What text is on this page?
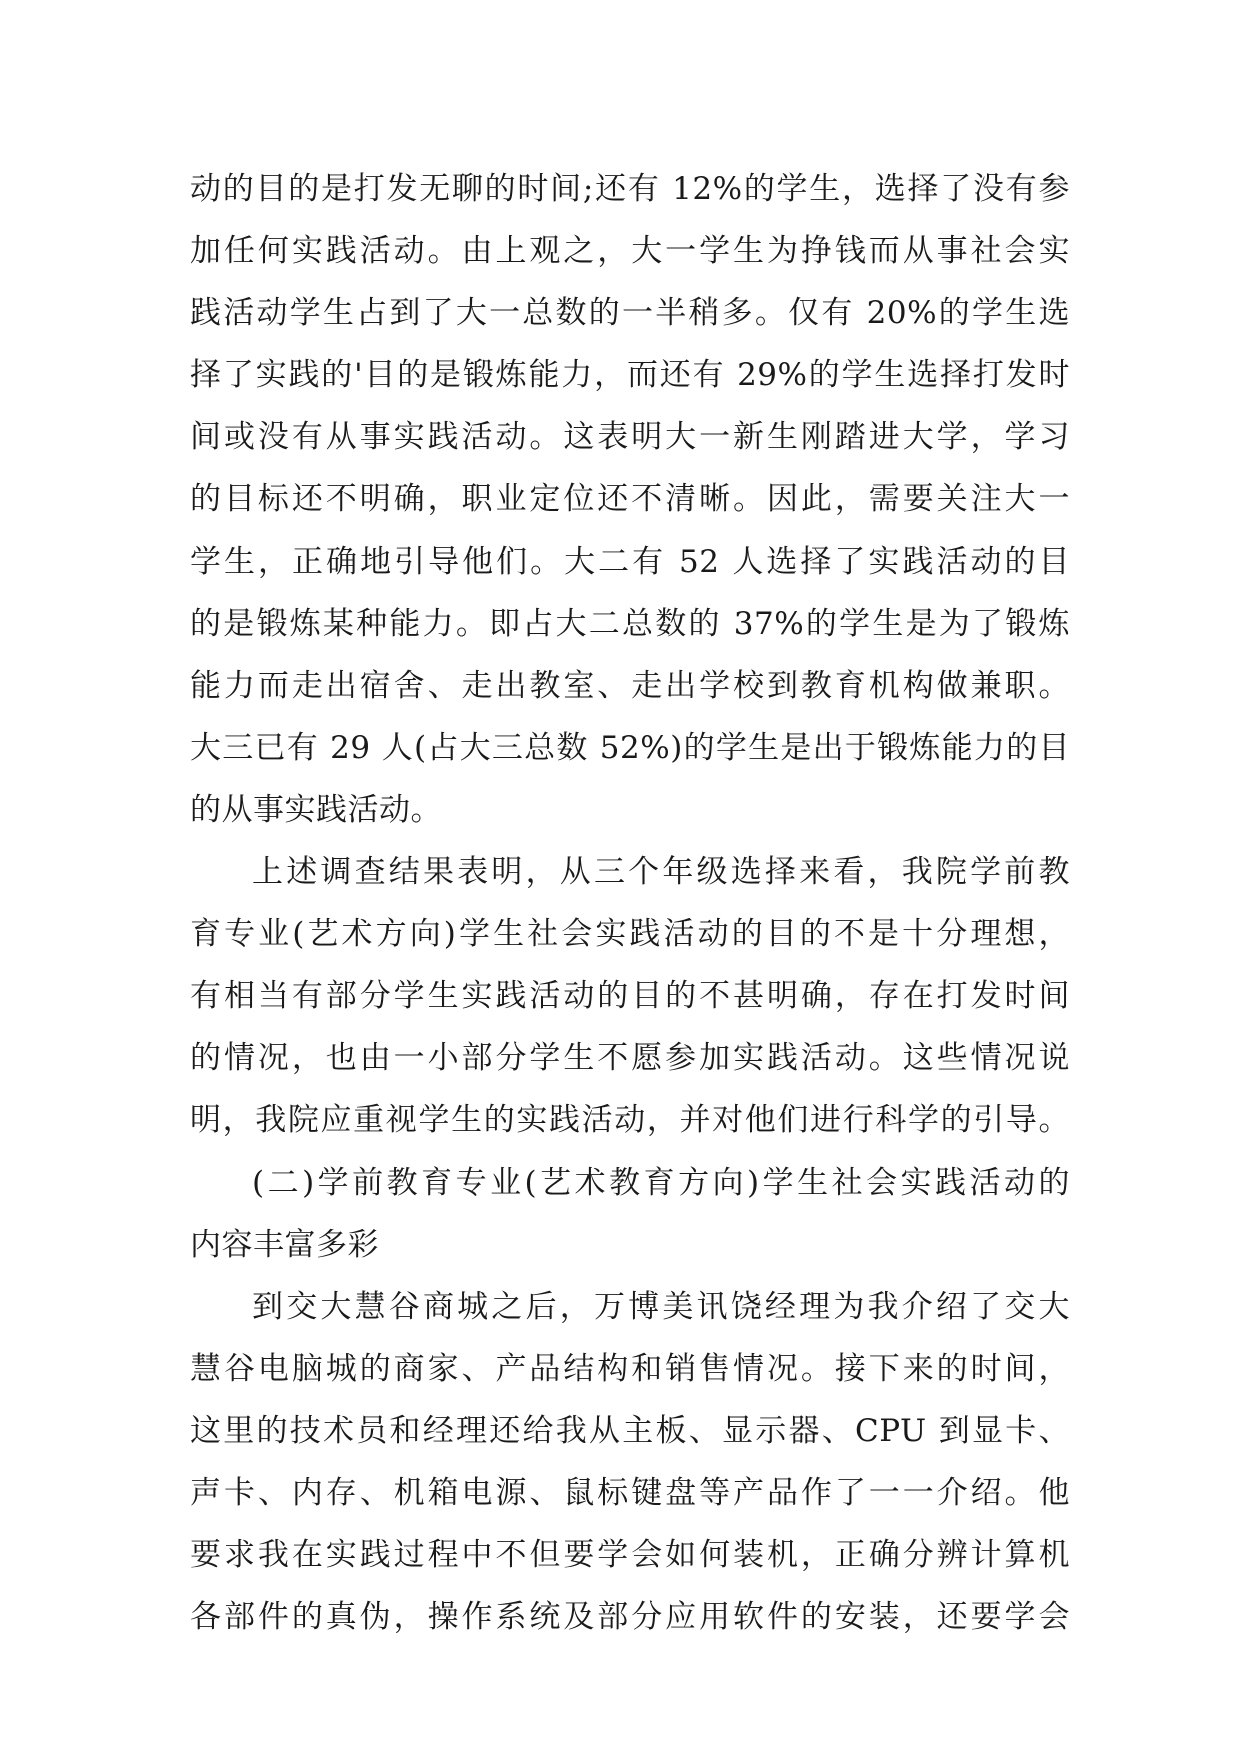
动的目的是打发无聊的时间;还有 12%的学生，选择了没有参
加任何实践活动。由上观之，大一学生为挣钱而从事社会实
践活动学生占到了大一总数的一半稍多。仅有 20%的学生选
择了实践的'目的是锻炼能力，而还有 29%的学生选择打发时
间或没有从事实践活动。这表明大一新生刚踏进大学，学习
的目标还不明确，职业定位还不清晰。因此，需要关注大一
学生，正确地引导他们。大二有 52 人选择了实践活动的目
的是锻炼某种能力。即占大二总数的 37%的学生是为了锻炼
能力而走出宿舍、走出教室、走出学校到教育机构做兼职。
大三已有 29 人(占大三总数 52%)的学生是出于锻炼能力的目
的从事实践活动。
上述调查结果表明，从三个年级选择来看，我院学前教
育专业(艺术方向)学生社会实践活动的目的不是十分理想，
有相当有部分学生实践活动的目的不甚明确，存在打发时间
的情况，也由一小部分学生不愿参加实践活动。这些情况说
明，我院应重视学生的实践活动，并对他们进行科学的引导。
(二)学前教育专业(艺术教育方向)学生社会实践活动的
内容丰富多彩
到交大慧谷商城之后，万博美讯饶经理为我介绍了交大
慧谷电脑城的商家、产品结构和销售情况。接下来的时间，
这里的技术员和经理还给我从主板、显示器、CPU 到显卡、
声卡、内存、机箱电源、鼠标键盘等产品作了一一介绍。他
要求我在实践过程中不但要学会如何装机，正确分辨计算机
各部件的真伪，操作系统及部分应用软件的安装，还要学会
